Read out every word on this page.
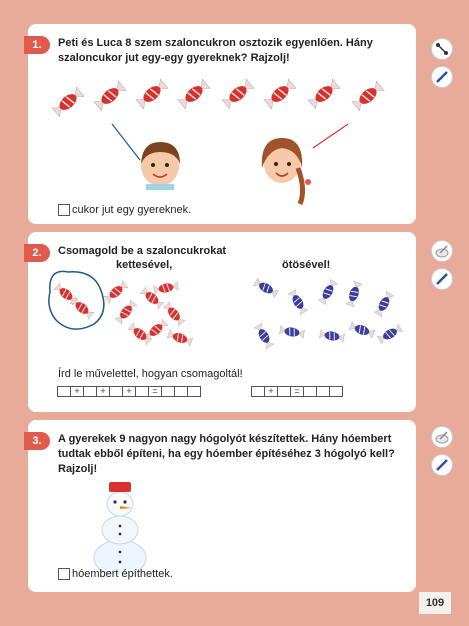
1.	Peti és Luca 8 szem szaloncukron osztozik egyenlően. Hány szaloncukor jut egy-egy gyereknek? Rajzolj!
cukor jut egy gyereknek.
2.	Csomagold be a szaloncukrokat
kettesével,	ötösével!
Írd le művelettel, hogyan csomagoltál!
+	+	+	=	+	=
3.	A gyerekek 9 nagyon nagy hógolyót készítettek. Hány hóembert tudtak ebből építeni, ha egy hóember építéséhez 3 hógolyó kell? Rajzolj!
hóembert építhettek.
109
